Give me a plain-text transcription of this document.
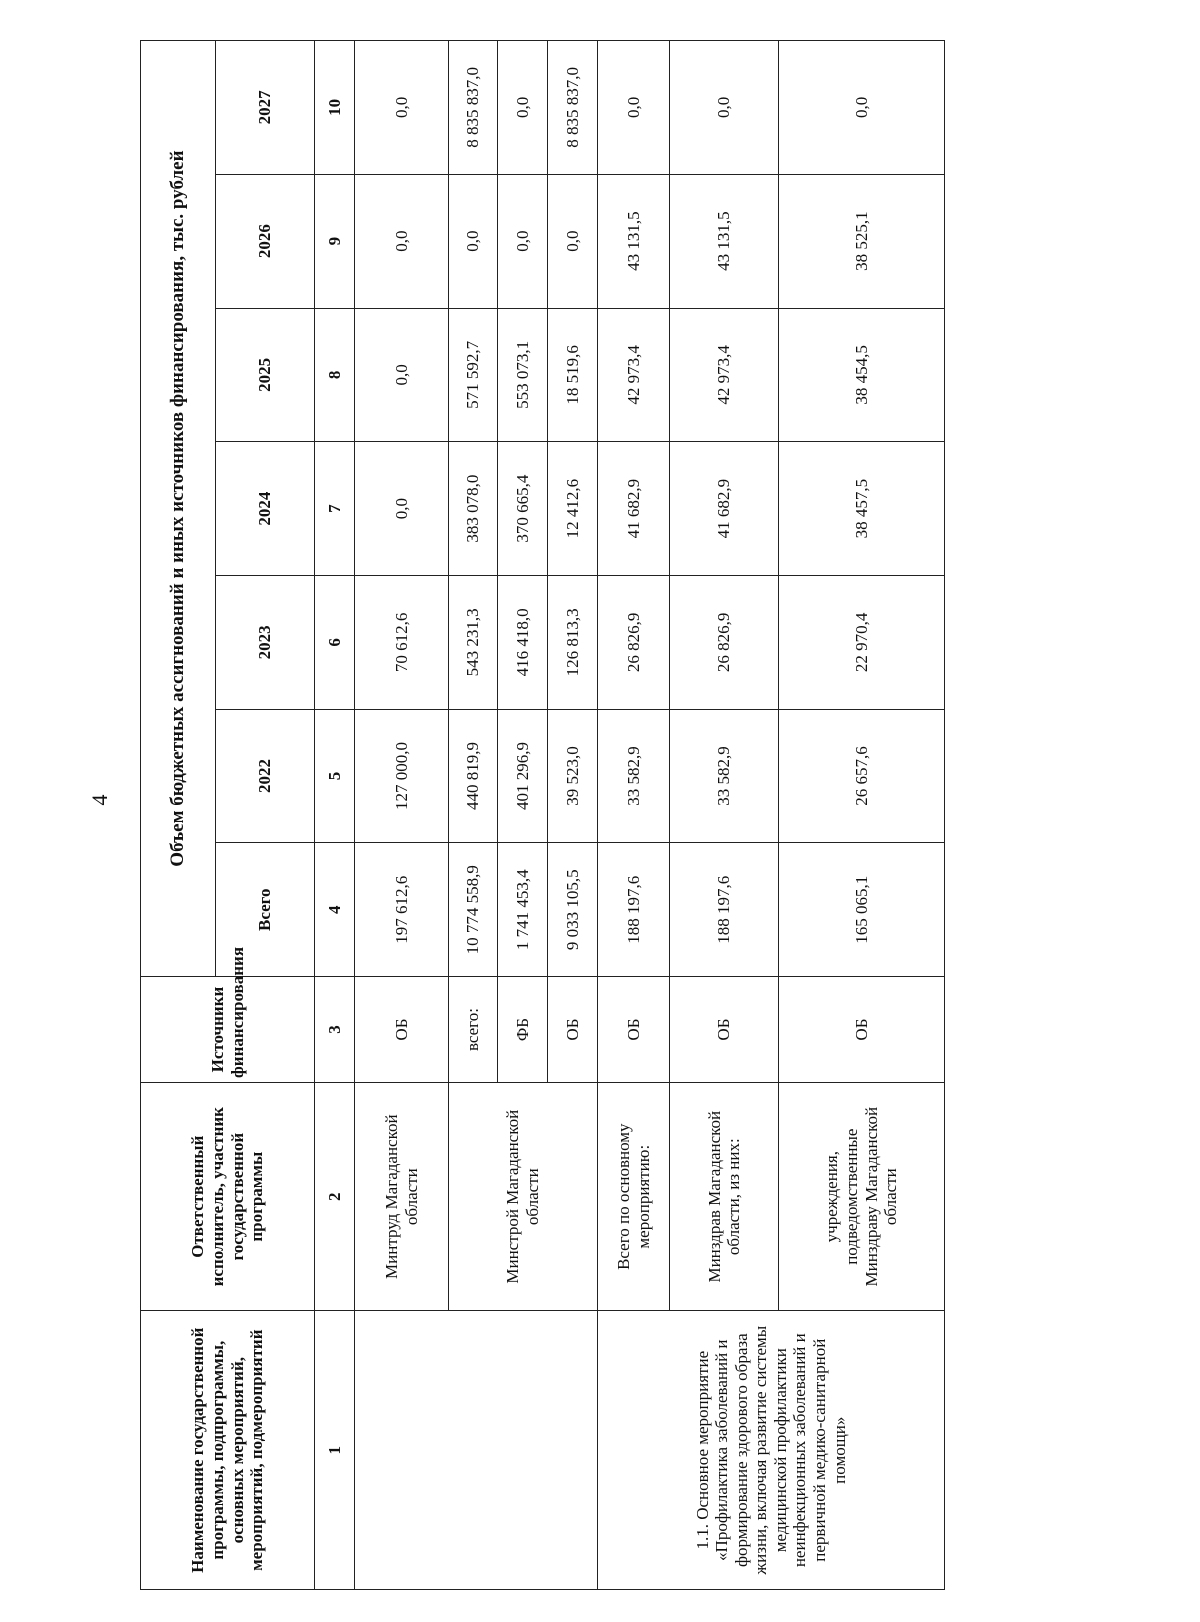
4
Наименование государственной программы, подпрограммы, основных мероприятий, мероприятий, подмероприятий	Ответственный исполнитель, участник государственной программы	Источники финансирования	Объем бюджетных ассигнований и иных источников финансирования, тыс. рублей						
			Всего	2022	2023	2024	2025	2026	2027
1	2	3	4	5	6	7	8	9	10
	Минтруд Магаданской области	ОБ	197 612,6	127 000,0	70 612,6	0,0	0,0	0,0	0,0
	Минстрой Магаданской области	всего:	10 774 558,9	440 819,9	543 231,3	383 078,0	571 592,7	0,0	8 835 837,0
		ФБ	1 741 453,4	401 296,9	416 418,0	370 665,4	553 073,1	0,0	0,0
		ОБ	9 033 105,5	39 523,0	126 813,3	12 412,6	18 519,6	0,0	8 835 837,0
1.1. Основное мероприятие «Профилактика заболеваний и формирование здорового образа жизни, включая развитие системы медицинской профилактики неинфекционных заболеваний и первичной медико-санитарной помощи»	Всего по основному мероприятию:	ОБ	188 197,6	33 582,9	26 826,9	41 682,9	42 973,4	43 131,5	0,0
	Минздрав Магаданской области, из них:	ОБ	188 197,6	33 582,9	26 826,9	41 682,9	42 973,4	43 131,5	0,0
	учреждения, подведомственные Минздраву Магаданской области	ОБ	165 065,1	26 657,6	22 970,4	38 457,5	38 454,5	38 525,1	0,0
